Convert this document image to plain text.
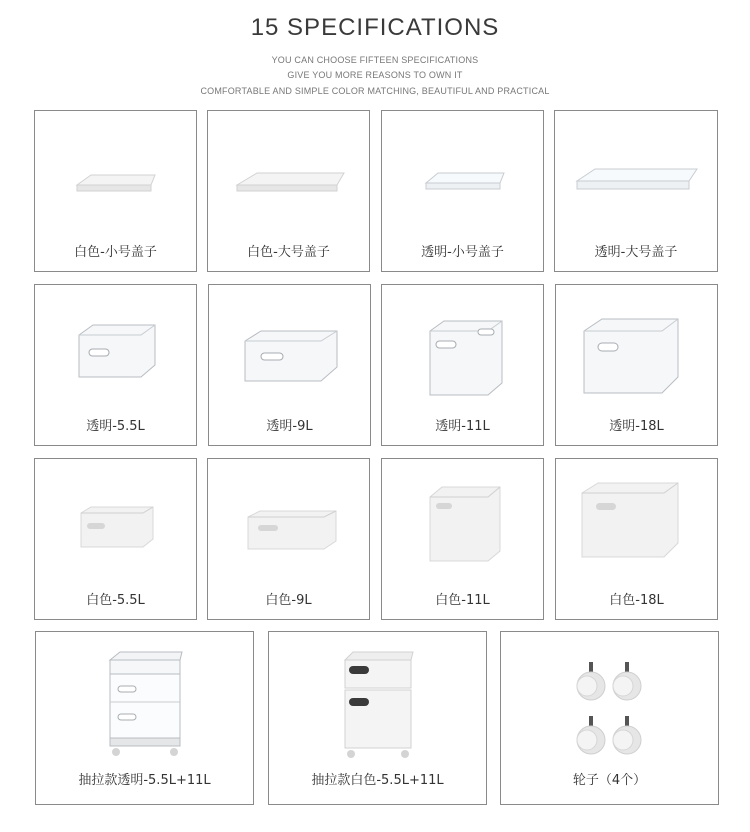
15 SPECIFICATIONS
YOU CAN CHOOSE FIFTEEN SPECIFICATIONS
GIVE YOU MORE REASONS TO OWN IT
COMFORTABLE AND SIMPLE COLOR MATCHING, BEAUTIFUL AND PRACTICAL
白色-小号盖子	白色-大号盖子	透明-小号盖子	透明-大号盖子
透明-5.5L	透明-9L	透明-11L	透明-18L
白色-5.5L	白色-9L	白色-11L	白色-18L
抽拉款透明-5.5L+11L	抽拉款白色-5.5L+11L	轮子（4个）
